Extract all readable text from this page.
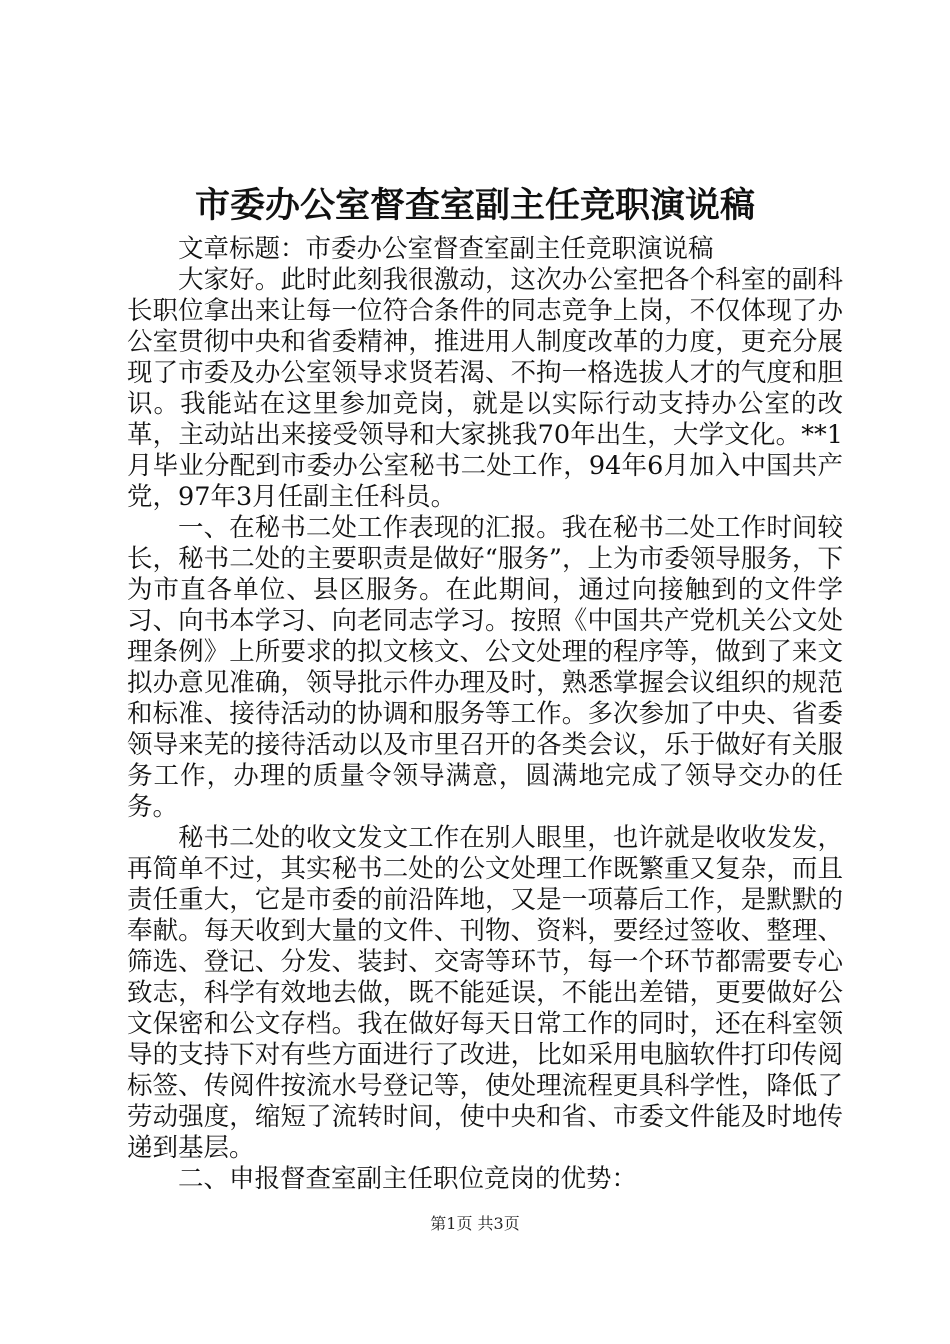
市委办公室督查室副主任竞职演说稿

文章标题：市委办公室督查室副主任竞职演说稿

大家好。此时此刻我很激动，这次办公室把各个科室的副科长职位拿出来让每一位符合条件的同志竞争上岗，不仅体现了办公室贯彻中央和省委精神，推进用人制度改革的力度，更充分展现了市委及办公室领导求贤若渴、不拘一格选拔人才的气度和胆识。我能站在这里参加竞岗，就是以实际行动支持办公室的改革，主动站出来接受领导和大家挑我70年出生，大学文化。**1月毕业分配到市委办公室秘书二处工作，94年6月加入中国共产党，97年3月任副主任科员。

一、在秘书二处工作表现的汇报。我在秘书二处工作时间较长，秘书二处的主要职责是做好“服务”，上为市委领导服务，下为市直各单位、县区服务。在此期间，通过向接触到的文件学习、向书本学习、向老同志学习。按照《中国共产党机关公文处理条例》上所要求的拟文核文、公文处理的程序等，做到了来文拟办意见准确，领导批示件办理及时，熟悉掌握会议组织的规范和标准、接待活动的协调和服务等工作。多次参加了中央、省委领导来芜的接待活动以及市里召开的各类会议，乐于做好有关服务工作，办理的质量令领导满意，圆满地完成了领导交办的任务。

秘书二处的收文发文工作在别人眼里，也许就是收收发发，再简单不过，其实秘书二处的公文处理工作既繁重又复杂，而且责任重大，它是市委的前沿阵地，又是一项幕后工作，是默默的奉献。每天收到大量的文件、刊物、资料，要经过签收、整理、筛选、登记、分发、装封、交寄等环节，每一个环节都需要专心致志，科学有效地去做，既不能延误，不能出差错，更要做好公文保密和公文存档。我在做好每天日常工作的同时，还在科室领导的支持下对有些方面进行了改进，比如采用电脑软件打印传阅标签、传阅件按流水号登记等，使处理流程更具科学性，降低了劳动强度，缩短了流转时间，使中央和省、市委文件能及时地传递到基层。

二、申报督查室副主任职位竞岗的优势：

第1页 共3页
